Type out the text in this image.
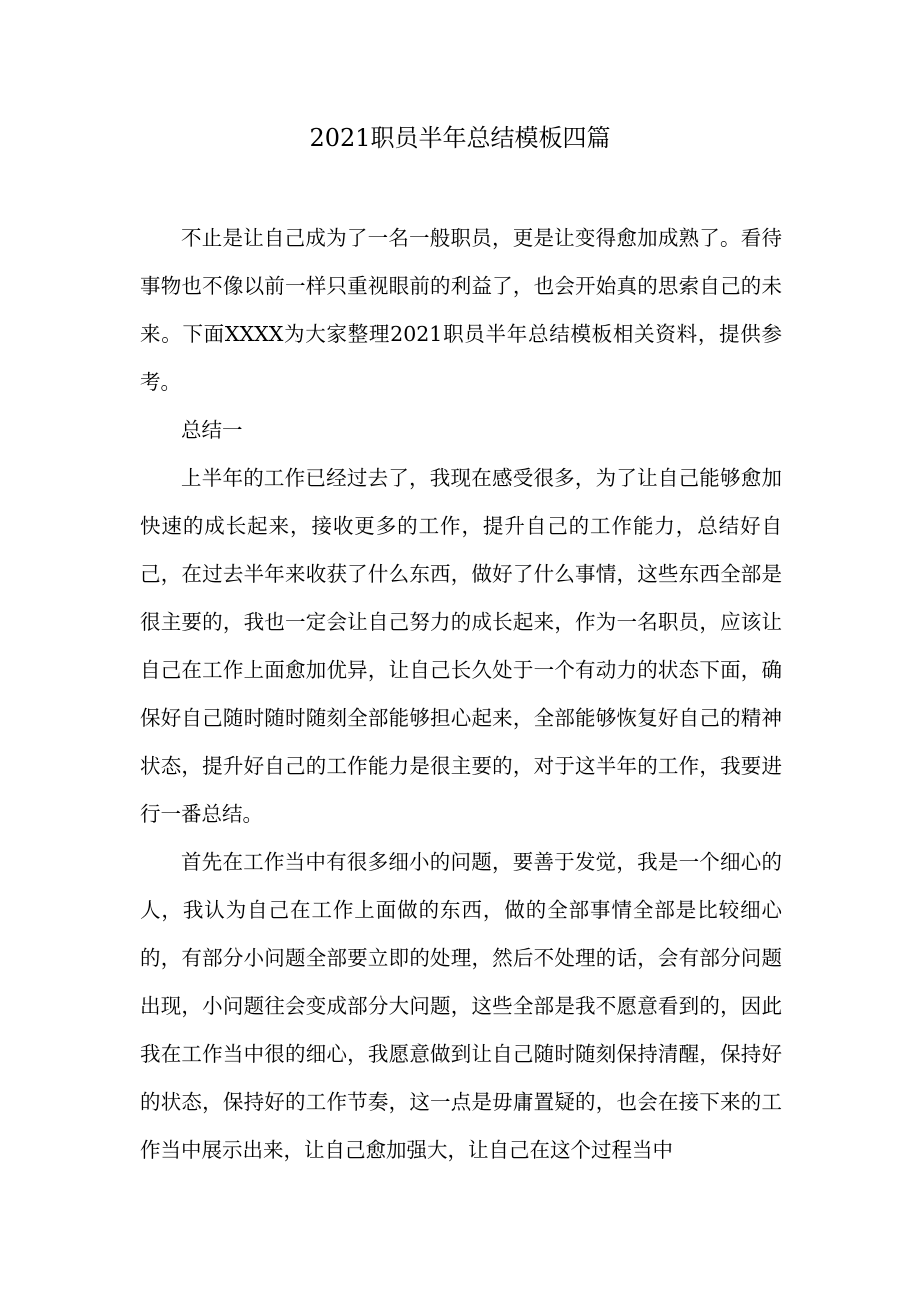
2021职员半年总结模板四篇

不止是让自己成为了一名一般职员，更是让变得愈加成熟了。看待事物也不像以前一样只重视眼前的利益了，也会开始真的思索自己的未来。下面XXXX为大家整理2021职员半年总结模板相关资料，提供参考。

总结一

上半年的工作已经过去了，我现在感受很多，为了让自己能够愈加快速的成长起来，接收更多的工作，提升自己的工作能力，总结好自己，在过去半年来收获了什么东西，做好了什么事情，这些东西全部是很主要的，我也一定会让自己努力的成长起来，作为一名职员，应该让自己在工作上面愈加优异，让自己长久处于一个有动力的状态下面，确保好自己随时随时随刻全部能够担心起来，全部能够恢复好自己的精神状态，提升好自己的工作能力是很主要的，对于这半年的工作，我要进行一番总结。

首先在工作当中有很多细小的问题，要善于发觉，我是一个细心的人，我认为自己在工作上面做的东西，做的全部事情全部是比较细心的，有部分小问题全部要立即的处理，然后不处理的话，会有部分问题出现，小问题往会变成部分大问题，这些全部是我不愿意看到的，因此我在工作当中很的细心，我愿意做到让自己随时随刻保持清醒，保持好的状态，保持好的工作节奏，这一点是毋庸置疑的，也会在接下来的工作当中展示出来，让自己愈加强大，让自己在这个过程当中
